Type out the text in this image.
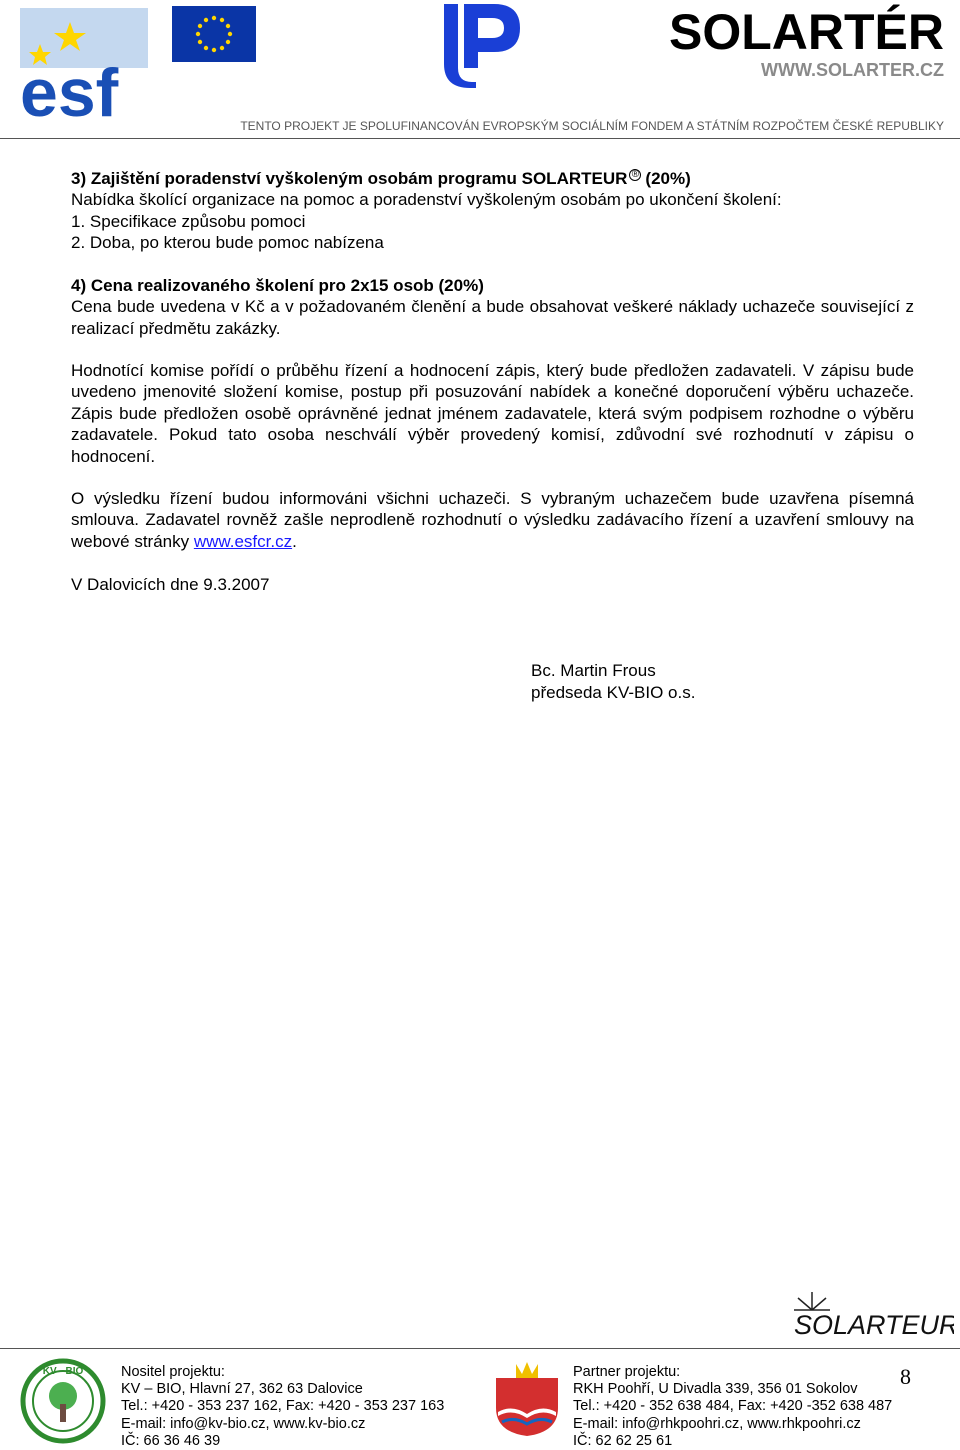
esf
SOLARTÉR
WWW.SOLARTER.CZ
TENTO PROJEKT JE SPOLUFINANCOVÁN EVROPSKÝM SOCIÁLNÍM FONDEM A STÁTNÍM ROZPOČTEM ČESKÉ REPUBLIKY

3) Zajištění poradenství vyškoleným osobám programu SOLARTEUR ® (20%)

Nabídka školící organizace na pomoc a poradenství vyškoleným osobám po ukončení školení:

1. Specifikace způsobu pomoci

2. Doba, po kterou bude pomoc nabízena

4) Cena realizovaného školení pro 2x15 osob (20%)

Cena bude uvedena v Kč a v požadovaném členění a bude obsahovat veškeré náklady uchazeče související z realizací předmětu zakázky.

Hodnotící komise pořídí o průběhu řízení a hodnocení zápis, který bude předložen zadavateli. V zápisu bude uvedeno jmenovité složení komise, postup při posuzování nabídek a konečné doporučení výběru uchazeče. Zápis bude předložen osobě oprávněné jednat jménem zadavatele, která svým podpisem rozhodne o výběru zadavatele. Pokud tato osoba neschválí výběr provedený komisí, zdůvodní své rozhodnutí v zápisu o hodnocení.
O výsledku řízení budou informováni všichni uchazeči. S vybraným uchazečem bude uzavřena písemná smlouva. Zadavatel rovněž zašle neprodleně rozhodnutí o výsledku zadávacího řízení a uzavření smlouvy na webové stránky www.esfcr.cz.
V Dalovicích dne 9.3.2007
Bc. Martin Frous
předseda KV-BIO o.s.
SOLARTEUR
KV - BIO	Nositel projektu:
KV – BIO, Hlavní 27, 362 63 Dalovice
Tel.: +420 - 353 237 162, Fax: +420 - 353 237 163
E-mail: info@kv-bio.cz, www.kv-bio.cz
IČ: 66 36 46 39
Partner projektu:
RKH Poohří, U Divadla 339, 356 01 Sokolov
Tel.: +420 - 352 638 484, Fax: +420 -352 638 487
E-mail: info@rhkpoohri.cz, www.rhkpoohri.cz
IČ: 62 62 25 61
8
